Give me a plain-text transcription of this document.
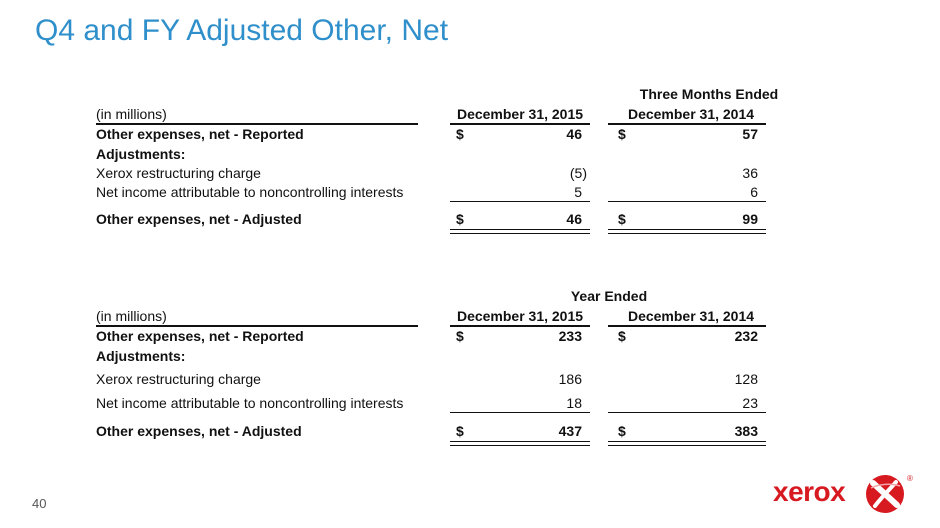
Q4 and FY Adjusted Other, Net
Three Months Ended
(in millions)	December 31, 2015	December 31, 2014
Other expenses, net - Reported	$	46	$	57
Adjustments:
Xerox restructuring charge	(5)	36
Net income attributable to noncontrolling interests	5	6
Other expenses, net - Adjusted	$	46	$	99
Year Ended
(in millions)	December 31, 2015	December 31, 2014
Other expenses, net - Reported	$	233	$	232
Adjustments:
Xerox restructuring charge	186	128
Net income attributable to noncontrolling interests	18	23
Other expenses, net - Adjusted	$	437	$	383
40	xerox	®
